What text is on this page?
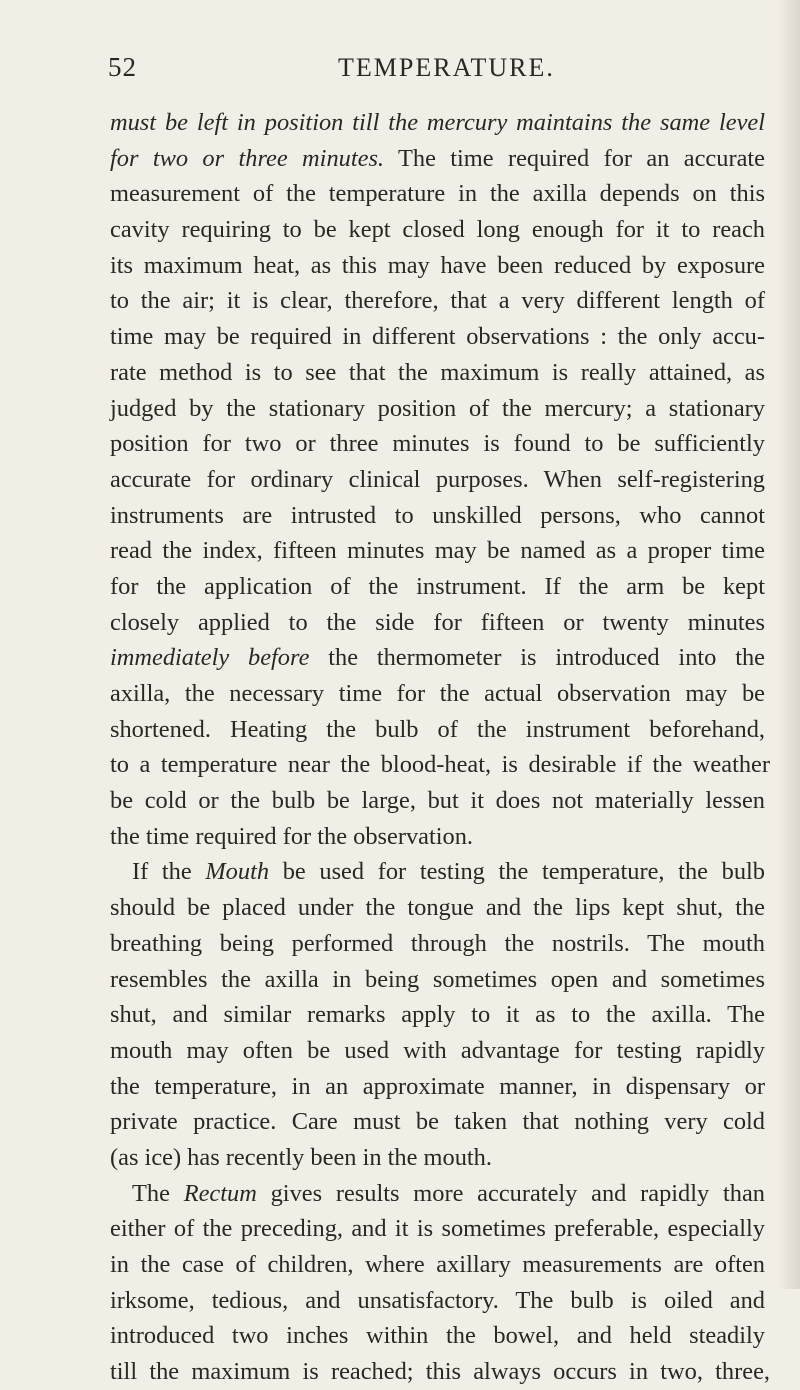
52	TEMPERATURE.
must be left in position till the mercury maintains the same level
for two or three minutes. The time required for an accurate
measurement of the temperature in the axilla depends on this
cavity requiring to be kept closed long enough for it to reach
its maximum heat, as this may have been reduced by exposure
to the air; it is clear, therefore, that a very different length of
time may be required in different observations : the only accu-
rate method is to see that the maximum is really attained, as
judged by the stationary position of the mercury; a stationary
position for two or three minutes is found to be sufficiently
accurate for ordinary clinical purposes. When self-registering
instruments are intrusted to unskilled persons, who cannot
read the index, fifteen minutes may be named as a proper time
for the application of the instrument. If the arm be kept
closely applied to the side for fifteen or twenty minutes
immediately before the thermometer is introduced into the
axilla, the necessary time for the actual observation may be
shortened. Heating the bulb of the instrument beforehand,
to a temperature near the blood-heat, is desirable if the weather
be cold or the bulb be large, but it does not materially lessen
the time required for the observation.
If the Mouth be used for testing the temperature, the bulb
should be placed under the tongue and the lips kept shut, the
breathing being performed through the nostrils. The mouth
resembles the axilla in being sometimes open and sometimes
shut, and similar remarks apply to it as to the axilla. The
mouth may often be used with advantage for testing rapidly
the temperature, in an approximate manner, in dispensary or
private practice. Care must be taken that nothing very cold
(as ice) has recently been in the mouth.
The Rectum gives results more accurately and rapidly than
either of the preceding, and it is sometimes preferable, especially
in the case of children, where axillary measurements are often
irksome, tedious, and unsatisfactory. The bulb is oiled and
introduced two inches within the bowel, and held steadily
till the maximum is reached; this always occurs in two, three,
